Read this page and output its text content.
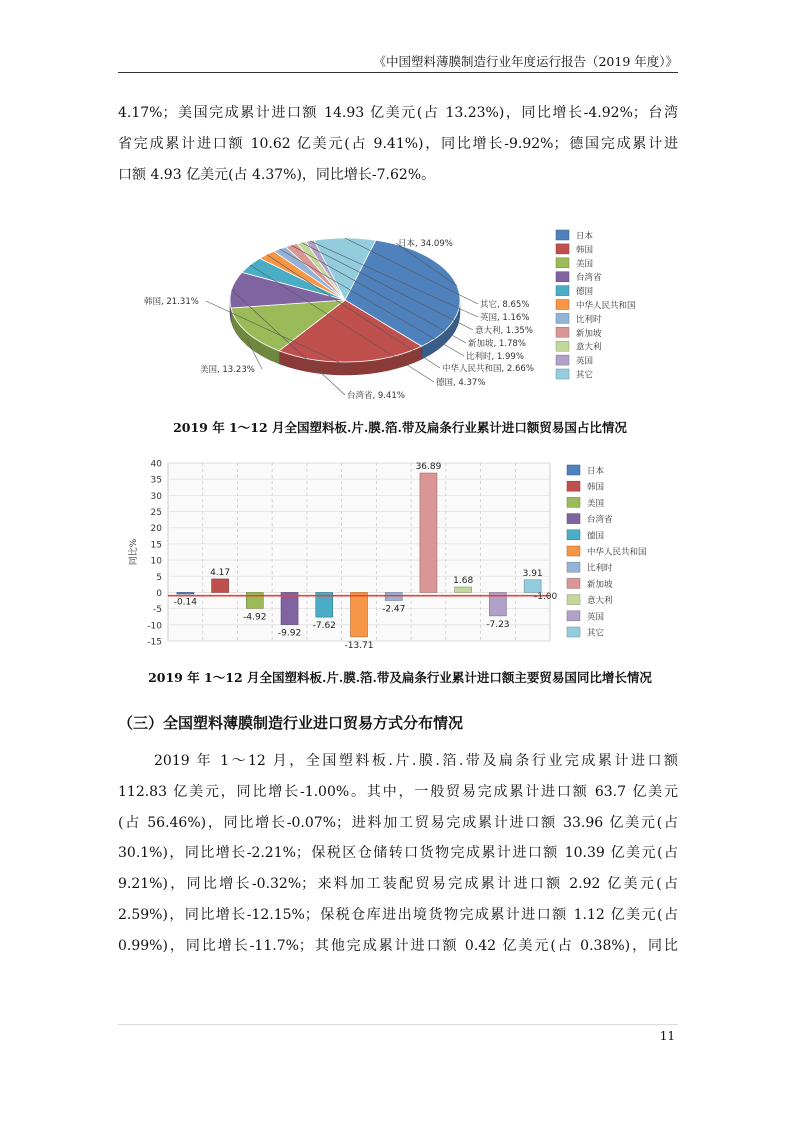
《中国塑料薄膜制造行业年度运行报告（2019 年度）》
4.17%；美国完成累计进口额 14.93 亿美元(占 13.23%)，同比增长-4.92%；台湾
省完成累计进口额 10.62 亿美元(占 9.41%)，同比增长-9.92%；德国完成累计进
口额 4.93 亿美元(占 4.37%)，同比增长-7.62%。
日本, 34.09%
韩国, 21.31%
美国, 13.23%
台湾省, 9.41%
德国, 4.37%
中华人民共和国, 2.66%
比利时, 1.99%
新加坡, 1.78%
意大利, 1.35%
英国, 1.16%
其它, 8.65%
日本
韩国
美国
台湾省
德国
中华人民共和国
比利时
新加坡
意大利
英国
其它
2019 年 1～12 月全国塑料板.片.膜.箔.带及扁条行业累计进口额贸易国占比情况
40
35
30
25
20
15
10
5
0
-5
-10
-15
同比%
-1.00
-0.14
4.17
-4.92
-9.92
-7.62
-13.71
-2.47
36.89
1.68
-7.23
3.91
日本
韩国
美国
台湾省
德国
中华人民共和国
比利时
新加坡
意大利
英国
其它
2019 年 1～12 月全国塑料板.片.膜.箔.带及扁条行业累计进口额主要贸易国同比增长情况
（三）全国塑料薄膜制造行业进口贸易方式分布情况
2019 年 1～12 月，全国塑料板.片.膜.箔.带及扁条行业完成累计进口额
112.83 亿美元，同比增长-1.00%。其中，一般贸易完成累计进口额 63.7 亿美元
(占 56.46%)，同比增长-0.07%；进料加工贸易完成累计进口额 33.96 亿美元(占
30.1%)，同比增长-2.21%；保税区仓储转口货物完成累计进口额 10.39 亿美元(占
9.21%)，同比增长-0.32%；来料加工装配贸易完成累计进口额 2.92 亿美元(占
2.59%)，同比增长-12.15%；保税仓库进出境货物完成累计进口额 1.12 亿美元(占
0.99%)，同比增长-11.7%；其他完成累计进口额 0.42 亿美元(占 0.38%)，同比
11
